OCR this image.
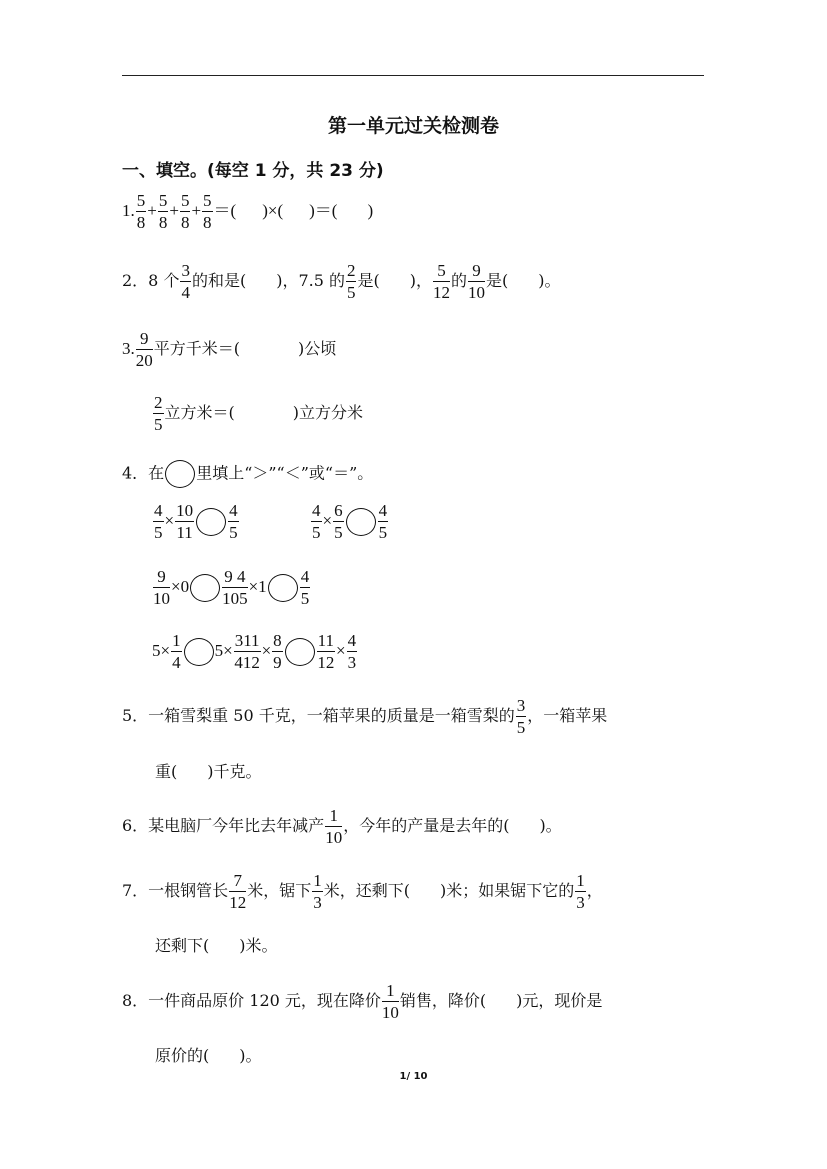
第一单元过关检测卷
一、填空。(每空 1 分，共 23 分)
1. $\frac{5}{8} + \frac{5}{8} + \frac{5}{8} + \frac{5}{8}$ ＝( )×( )＝( )
2．8 个 $\frac{3}{4}$ 的和是( )，7.5 的 $\frac{2}{5}$ 是( )， $\frac{5}{12}$ 的 $\frac{9}{10}$ 是( )。
3. $\frac{9}{20}$ 平方千米＝(	)公顷
$\frac{2}{5}$ 立方米＝(	)立方分米
4．在 里填上“＞”“＜”或“＝”。
$\frac{4}{5} \times \frac{10}{11} \frac{4}{5}$	$\frac{4}{5} \times \frac{6}{5} \frac{4}{5}$
$\frac{9}{10} \times 0 \frac{9 4}{105} \times 1 \frac{4}{5}$
$5\times \frac{1}{4} 5\times \frac{311}{412} \times \frac{8}{9} \frac{11}{12} \times \frac{4}{3}$
5．一箱雪梨重 50 千克，一箱苹果的质量是一箱雪梨的 $\frac{3}{5}$ ，一箱苹果
重( )千克。
6．某电脑厂今年比去年减产 $\frac{1}{10}$ ，今年的产量是去年的( )。
7．一根钢管长 $\frac{7}{12}$ 米，锯下 $\frac{1}{3}$ 米，还剩下( )米；如果锯下它的 $\frac{1}{3}$ ，
还剩下( )米。
8．一件商品原价 120 元，现在降价 $\frac{1}{10}$ 销售，降价( )元，现价是
原价的( )。
1/ 10
